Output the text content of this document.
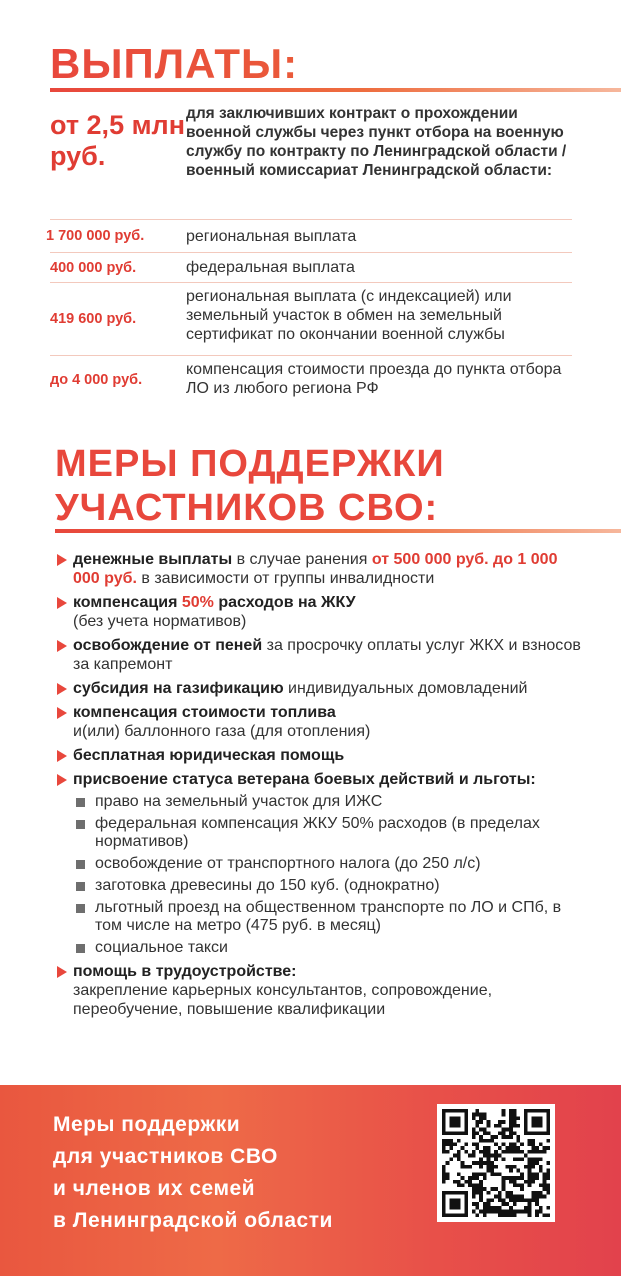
ВЫПЛАТЫ:
от 2,5 млн руб.
для заключивших контракт о прохождении военной службы через пункт отбора на военную службу по контракту по Ленинградской области / военный комиссариат Ленинградской области:
1 700 000 руб.	региональная выплата
400 000 руб.	федеральная выплата
419 600 руб.
региональная выплата (с индексацией) или земельный участок в обмен на земельный сертификат по окончании военной службы
до 4 000 руб.
компенсация стоимости проезда до пункта отбора ЛО из любого региона РФ
МЕРЫ ПОДДЕРЖКИ
УЧАСТНИКОВ СВО:
денежные выплаты в случае ранения от 500 000 руб. до 1 000 000 руб. в зависимости от группы инвалидности
компенсация 50% расходов на ЖКУ
(без учета нормативов)
освобождение от пеней за просрочку оплаты услуг ЖКХ и взносов за капремонт
субсидия на газификацию индивидуальных домовладений
компенсация стоимости топлива
и(или) баллонного газа (для отопления)
бесплатная юридическая помощь
присвоение статуса ветерана боевых действий и льготы:
право на земельный участок для ИЖС
федеральная компенсация ЖКУ 50% расходов (в пределах нормативов)
освобождение от транспортного налога (до 250 л/с)
заготовка древесины до 150 куб. (однократно)
льготный проезд на общественном транспорте по ЛО и СПб, в том числе на метро (475 руб. в месяц)
социальное такси
помощь в трудоустройстве:
закрепление карьерных консультантов, сопровождение, переобучение, повышение квалификации
Меры поддержки
для участников СВО
и членов их семей
в Ленинградской области
